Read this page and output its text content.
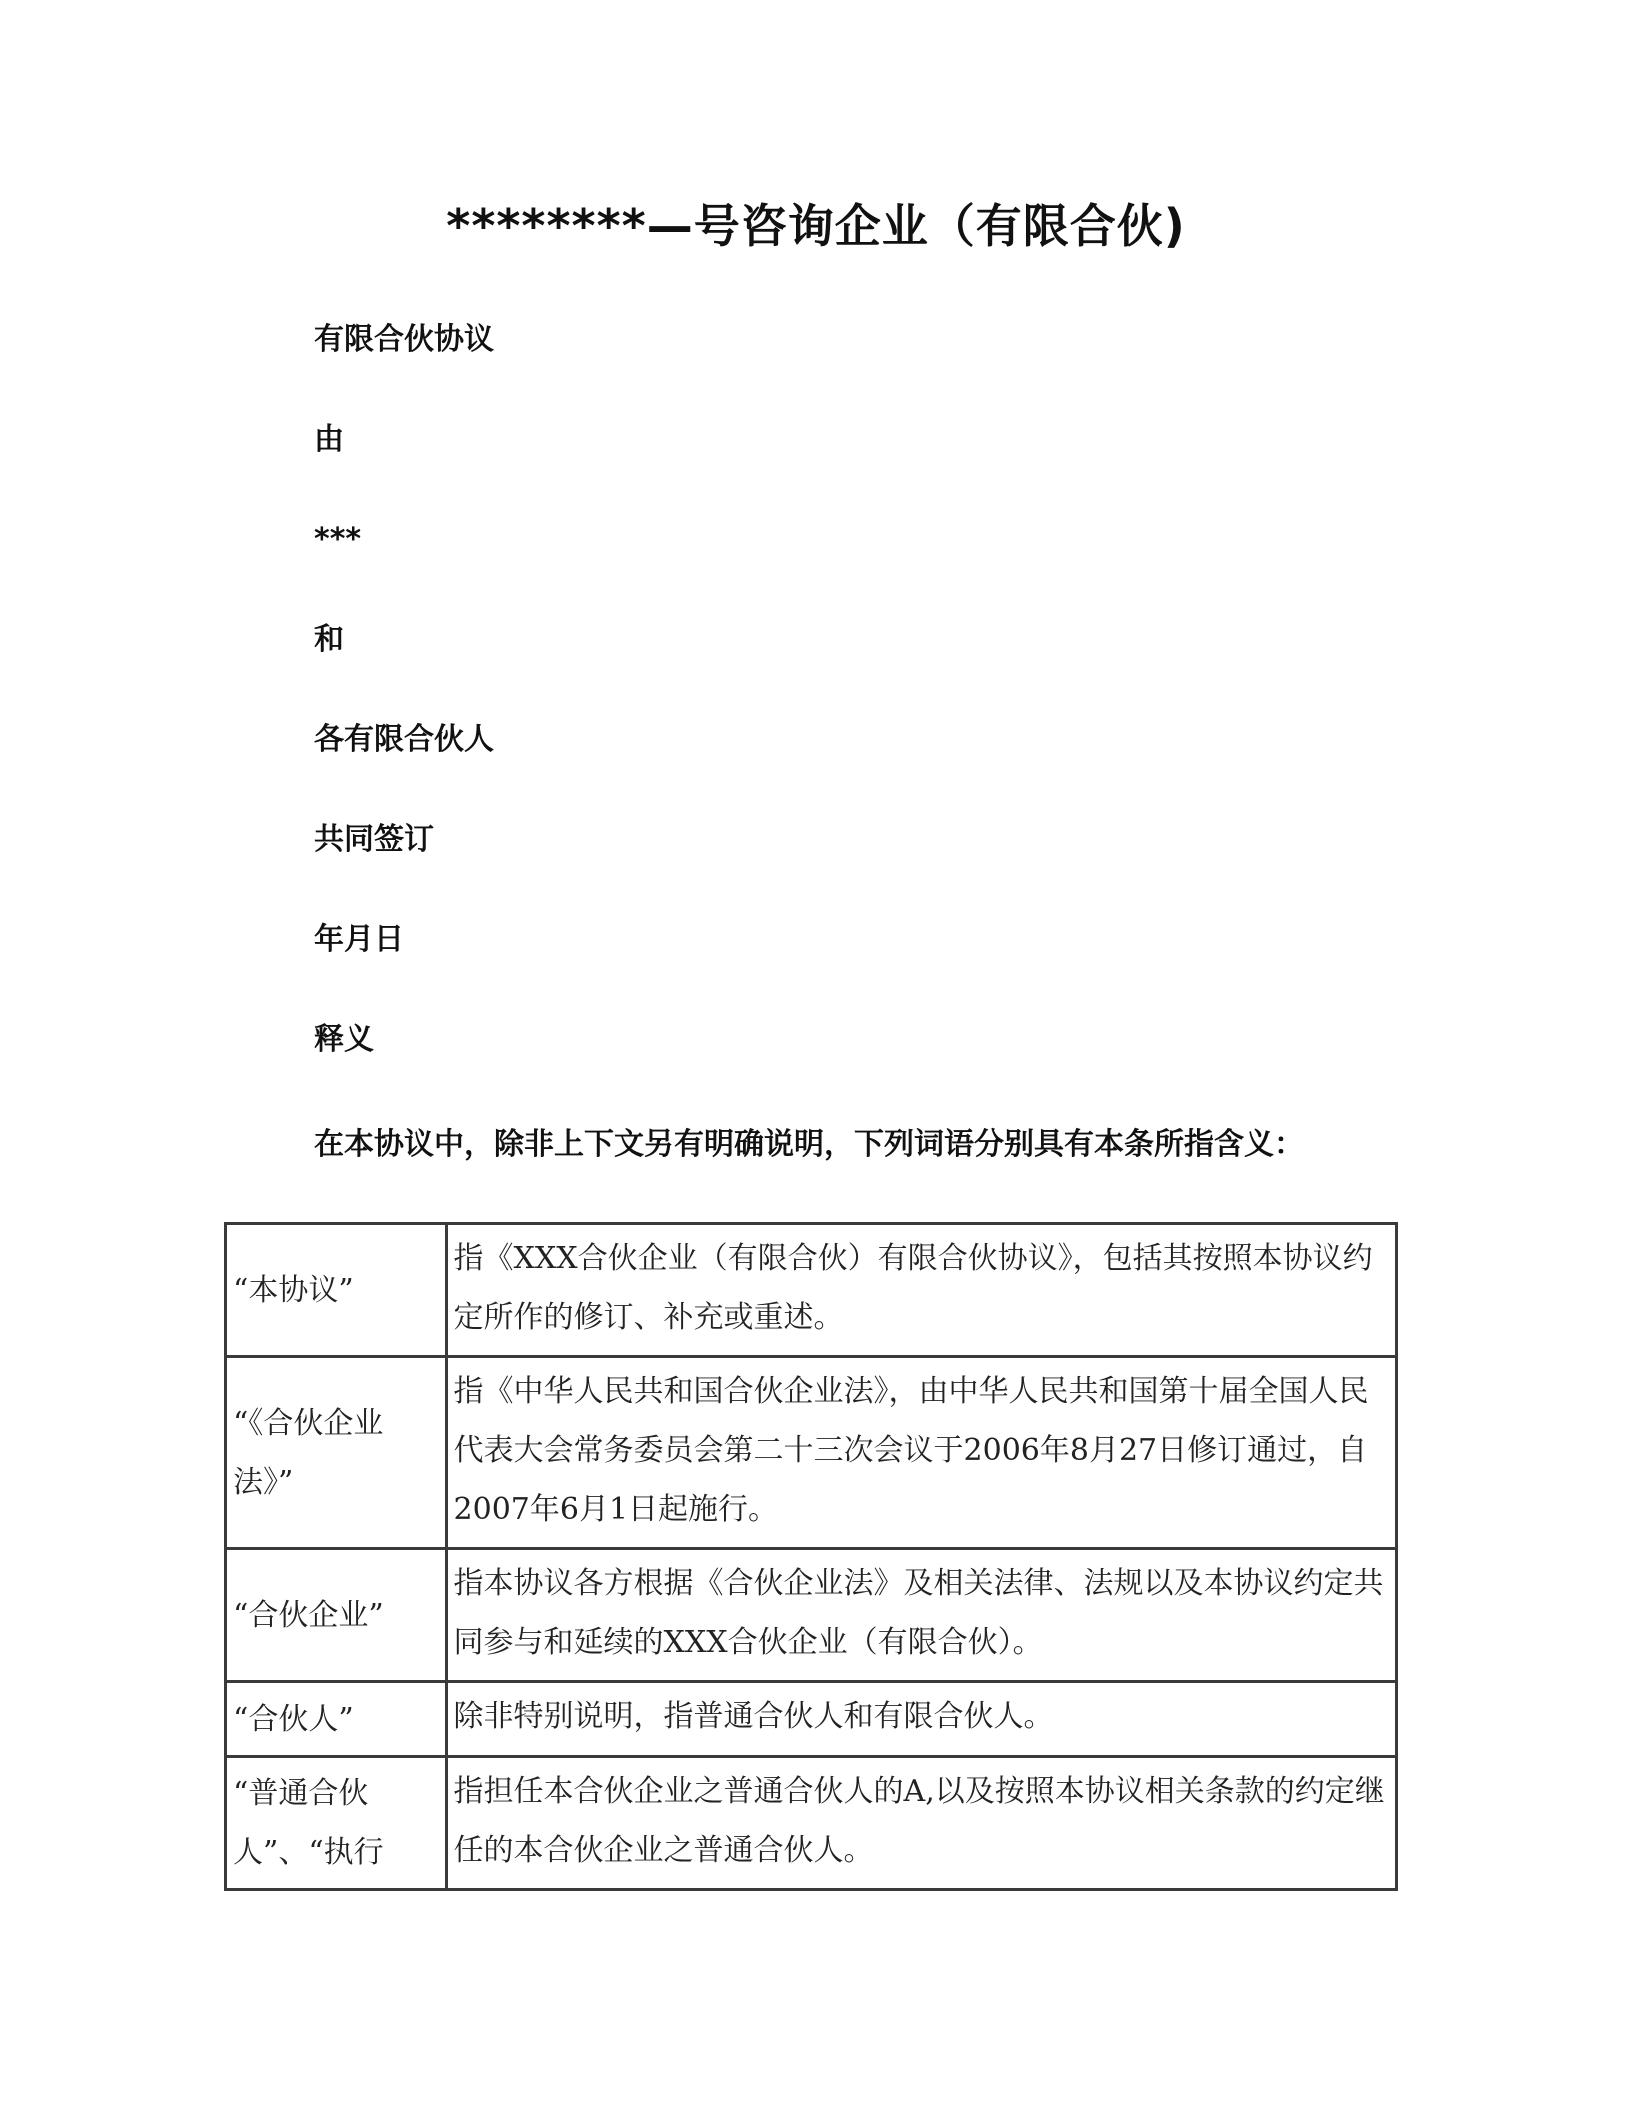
********—号咨询企业（有限合伙)
有限合伙协议
由
***
和
各有限合伙人
共同签订
年月日
释义
在本协议中，除非上下文另有明确说明，下列词语分别具有本条所指含义：
“本协议”	指《XXX合伙企业（有限合伙）有限合伙协议》，包括其按照本协议约定所作的修订、补充或重述。
“《合伙企业法》”	指《中华人民共和国合伙企业法》，由中华人民共和国第十届全国人民代表大会常务委员会第二十三次会议于2006年8月27日修订通过，自2007年6月1日起施行。
“合伙企业”	指本协议各方根据《合伙企业法》及相关法律、法规以及本协议约定共同参与和延续的XXX合伙企业（有限合伙）。
“合伙人”	除非特别说明，指普通合伙人和有限合伙人。

“普通合伙人”、“执行	指担任本合伙企业之普通合伙人的A,以及按照本协议相关条款的约定继任的本合伙企业之普通合伙人。
